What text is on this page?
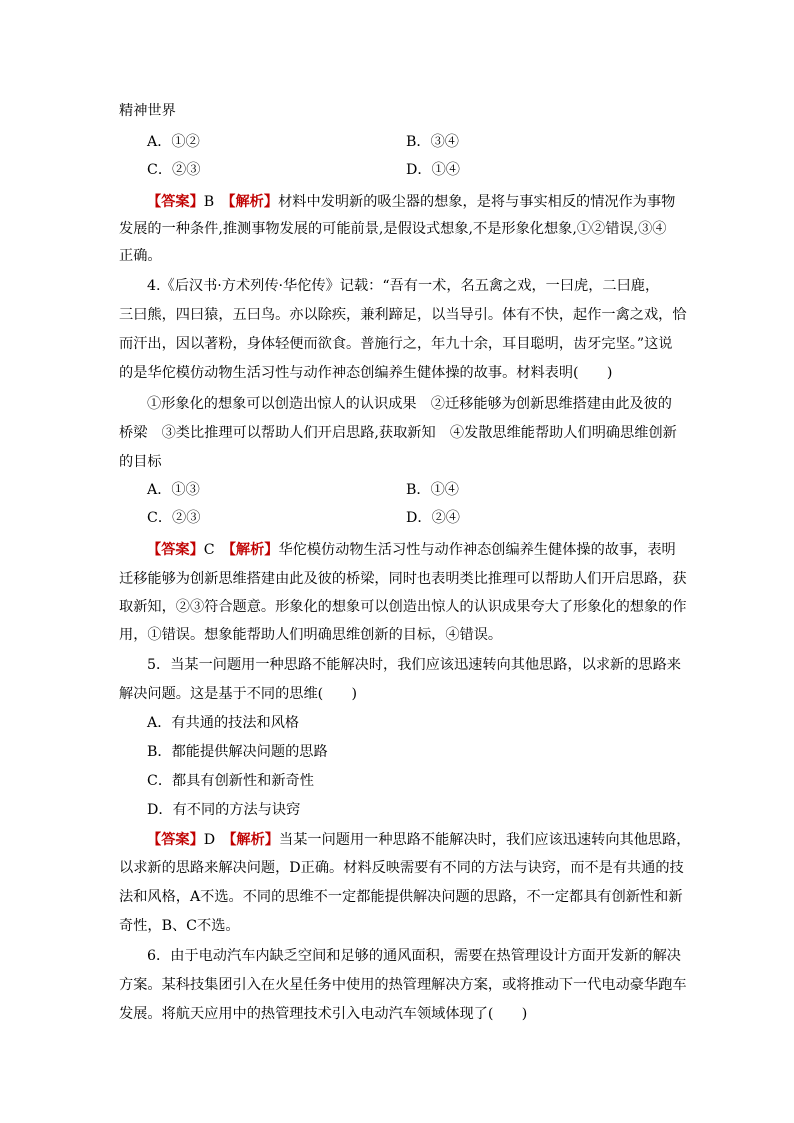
精神世界
A．①②	B．③④
C．②③	D．①④
【答案】B　 【解析】材料中发明新的吸尘器的想象，是将与事实相反的情况作为事物
发展的一种条件,推测事物发展的可能前景,是假设式想象,不是形象化想象,①②错误,③④
正确。
4.《后汉书·方术列传·华佗传》记载：“吾有一术，名五禽之戏，一曰虎，二曰鹿，
三曰熊，四曰猿，五曰鸟。亦以除疾，兼利蹄足，以当导引。体有不快，起作一禽之戏，恰
而汗出，因以著粉，身体轻便而欲食。普施行之，年九十余，耳目聪明，齿牙完坚。”这说
的是华佗模仿动物生活习性与动作神态创编养生健体操的故事。材料表明(　　)
①形象化的想象可以创造出惊人的认识成果　②迁移能够为创新思维搭建由此及彼的
桥梁　③类比推理可以帮助人们开启思路,获取新知　④发散思维能帮助人们明确思维创新
的目标
A．①③	B．①④
C．②③	D．②④
【答案】C　 【解析】华佗模仿动物生活习性与动作神态创编养生健体操的故事，表明
迁移能够为创新思维搭建由此及彼的桥梁，同时也表明类比推理可以帮助人们开启思路，获
取新知，②③符合题意。形象化的想象可以创造出惊人的认识成果夸大了形象化的想象的作
用，①错误。想象能帮助人们明确思维创新的目标，④错误。
5．当某一问题用一种思路不能解决时，我们应该迅速转向其他思路，以求新的思路来
解决问题。这是基于不同的思维(　　)
A．有共通的技法和风格
B．都能提供解决问题的思路
C．都具有创新性和新奇性
D．有不同的方法与诀窍
【答案】D　 【解析】当某一问题用一种思路不能解决时，我们应该迅速转向其他思路，
以求新的思路来解决问题，D正确。材料反映需要有不同的方法与诀窍，而不是有共通的技
法和风格，A不选。不同的思维不一定都能提供解决问题的思路，不一定都具有创新性和新
奇性，B、C不选。
6．由于电动汽车内缺乏空间和足够的通风面积，需要在热管理设计方面开发新的解决
方案。某科技集团引入在火星任务中使用的热管理解决方案，或将推动下一代电动豪华跑车
发展。将航天应用中的热管理技术引入电动汽车领域体现了(　　)
